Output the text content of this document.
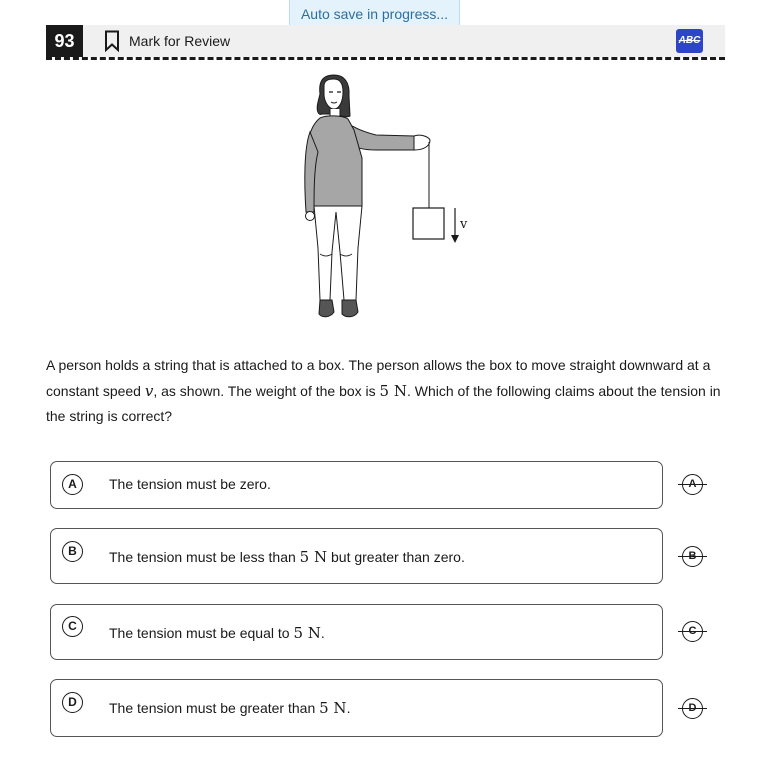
Auto save in progress...
93	Mark for Review	ABC
v
A person holds a string that is attached to a box. The person allows the box to move straight downward at a constant speed v, as shown. The weight of the box is 5 N. Which of the following claims about the tension in the string is correct?
A	The tension must be zero.	A
B	The tension must be less than 5 N but greater than zero.	B
C	The tension must be equal to 5 N.	C
D	The tension must be greater than 5 N.	D
